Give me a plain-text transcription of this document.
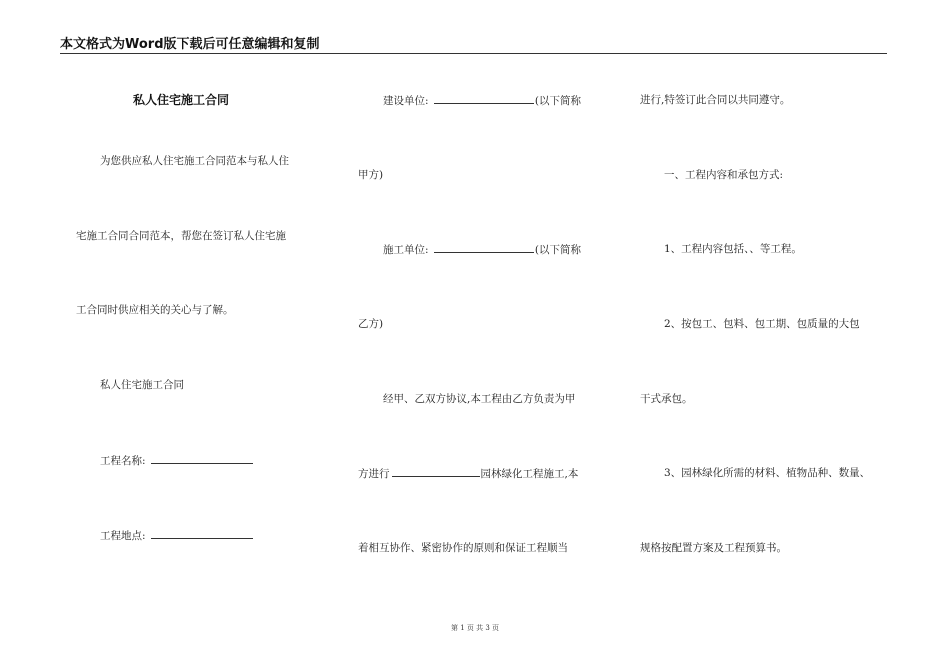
本文格式为Word版下载后可任意编辑和复制
私人住宅施工合同
为您供应私人住宅施工合同范本与私人住
宅施工合同合同范本，帮您在签订私人住宅施
工合同时供应相关的关心与了解。
私人住宅施工合同
工程名称:
工程地点:
建设单位:	(以下简称
甲方)
施工单位:	(以下简称
乙方)
经甲、乙双方协议,本工程由乙方负责为甲
方进行	园林绿化工程施工,本
着相互协作、紧密协作的原则和保证工程顺当
进行,特签订此合同以共同遵守。
一、工程内容和承包方式:
1、工程内容包括、、等工程。
2、按包工、包料、包工期、包质量的大包
干式承包。
3、园林绿化所需的材料、植物品种、数量、
规格按配置方案及工程预算书。
第 1 页 共 3 页
